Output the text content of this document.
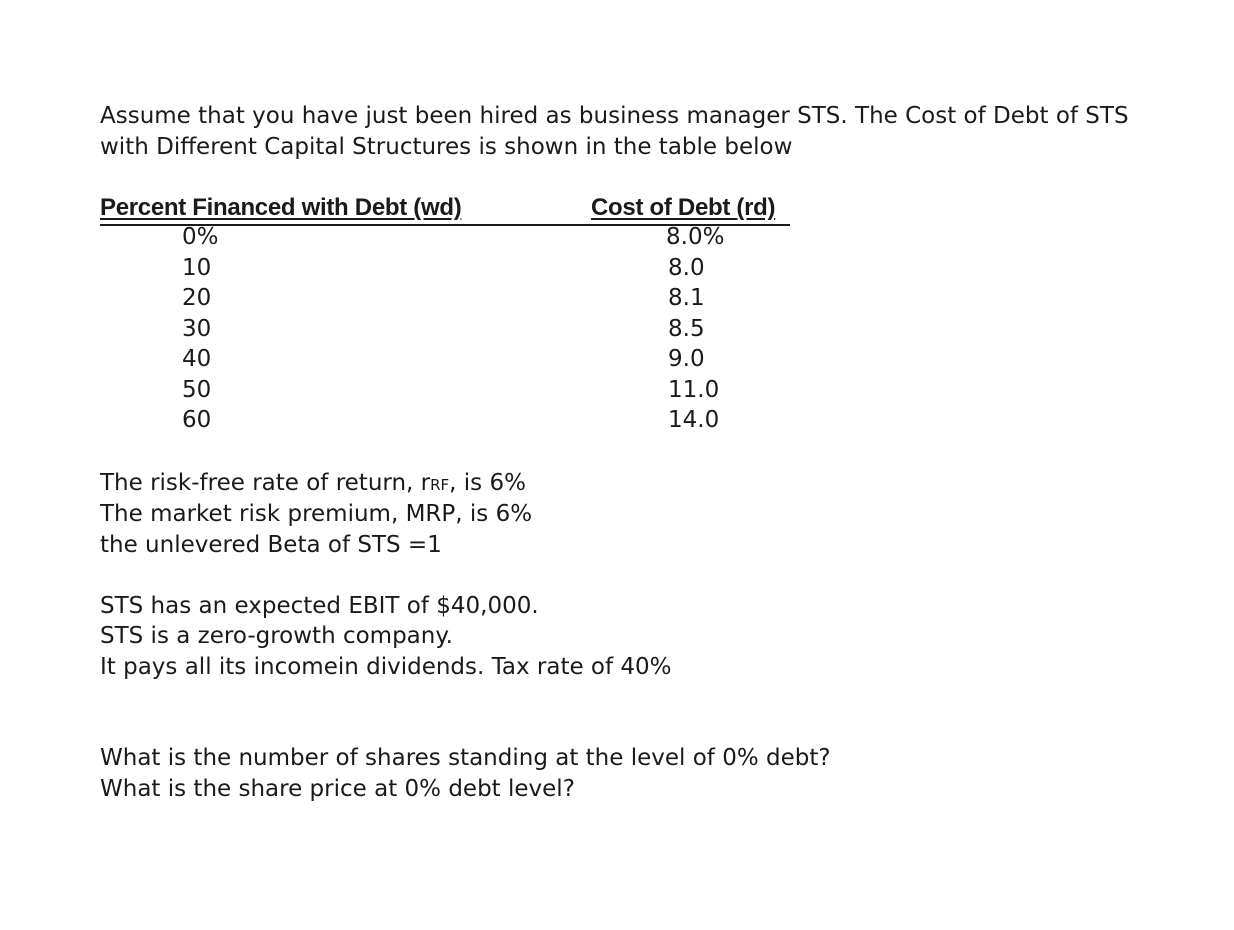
Assume that you have just been hired as business manager STS. The Cost of Debt of STS
with Different Capital Structures is shown in the table below
Percent Financed with Debt (wd)	Cost of Debt (rd)
0%	8.0%
10	8.0
20	8.1
30	8.5
40	9.0
50	11.0
60	14.0
The risk-free rate of return, rRF, is 6%
The market risk premium, MRP, is 6%
the unlevered Beta of STS =1
STS has an expected EBIT of $40,000.
STS is a zero-growth company.
It pays all its incomein dividends. Tax rate of 40%
What is the number of shares standing at the level of 0% debt?
What is the share price at 0% debt level?
